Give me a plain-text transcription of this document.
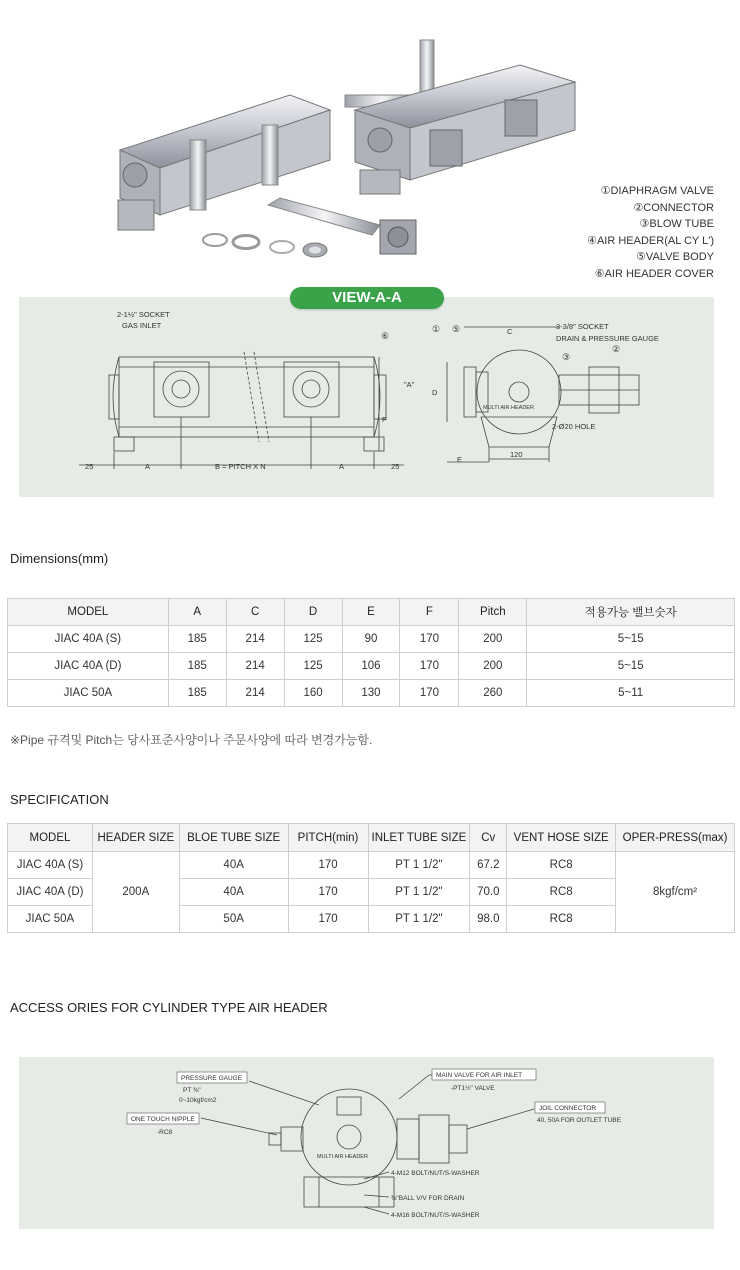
①DIAPHRAGM VALVE
②CONNECTOR
③BLOW TUBE
④AIR HEADER(AL CY L')
⑤VALVE BODY
⑥AIR HEADER COVER
2-1½" SOCKET
GAS INLET
⑥
① ⑤
③
②
"A"
25	A	B = PITCH X N	A	25
F
C
D
E
120
3-3/8" SOCKET
DRAIN & PRESSURE GAUGE
MULTI AIR HEADER
2-Ø20 HOLE
VIEW-A-A
Dimensions(mm)
MODEL	A	C	D	E	F	Pitch	적용가능 밸브숫자
JIAC 40A (S)	185	214	125	90	170	200	5~15
JIAC 40A (D)	185	214	125	106	170	200	5~15
JIAC 50A	185	214	160	130	170	260	5~11
※Pipe 규격및 Pitch는 당사표준사양이나 주문사양에 따라 변경가능함.
SPECIFICATION
MODEL	HEADER SIZE	BLOE TUBE SIZE	PITCH(min)	INLET TUBE SIZE	Cv	VENT HOSE SIZE	OPER-PRESS(max)
JIAC 40A (S)	200A	40A	170	PT 1 1/2"	67.2	RC8	8kgf/cm²
JIAC 40A (D)		40A	170	PT 1 1/2"	70.0	RC8	
JIAC 50A		50A	170	PT 1 1/2"	98.0	RC8	
ACCESS ORIES FOR CYLINDER TYPE AIR HEADER
PRESSURE GAUGE
PT ⅜"
0~10kgf/cm2
ONE TOUCH NIPPLE
-RC8
MAIN VALVE FOR AIR INLET
-PT1½" VALVE
JOIL CONNECTOR
40, 50A FOR OUTLET TUBE
MULTI AIR HEADER
4-M12 BOLT/NUT/S-WASHER
⅜"BALL V/V FOR DRAIN
4-M16 BOLT/NUT/S-WASHER
